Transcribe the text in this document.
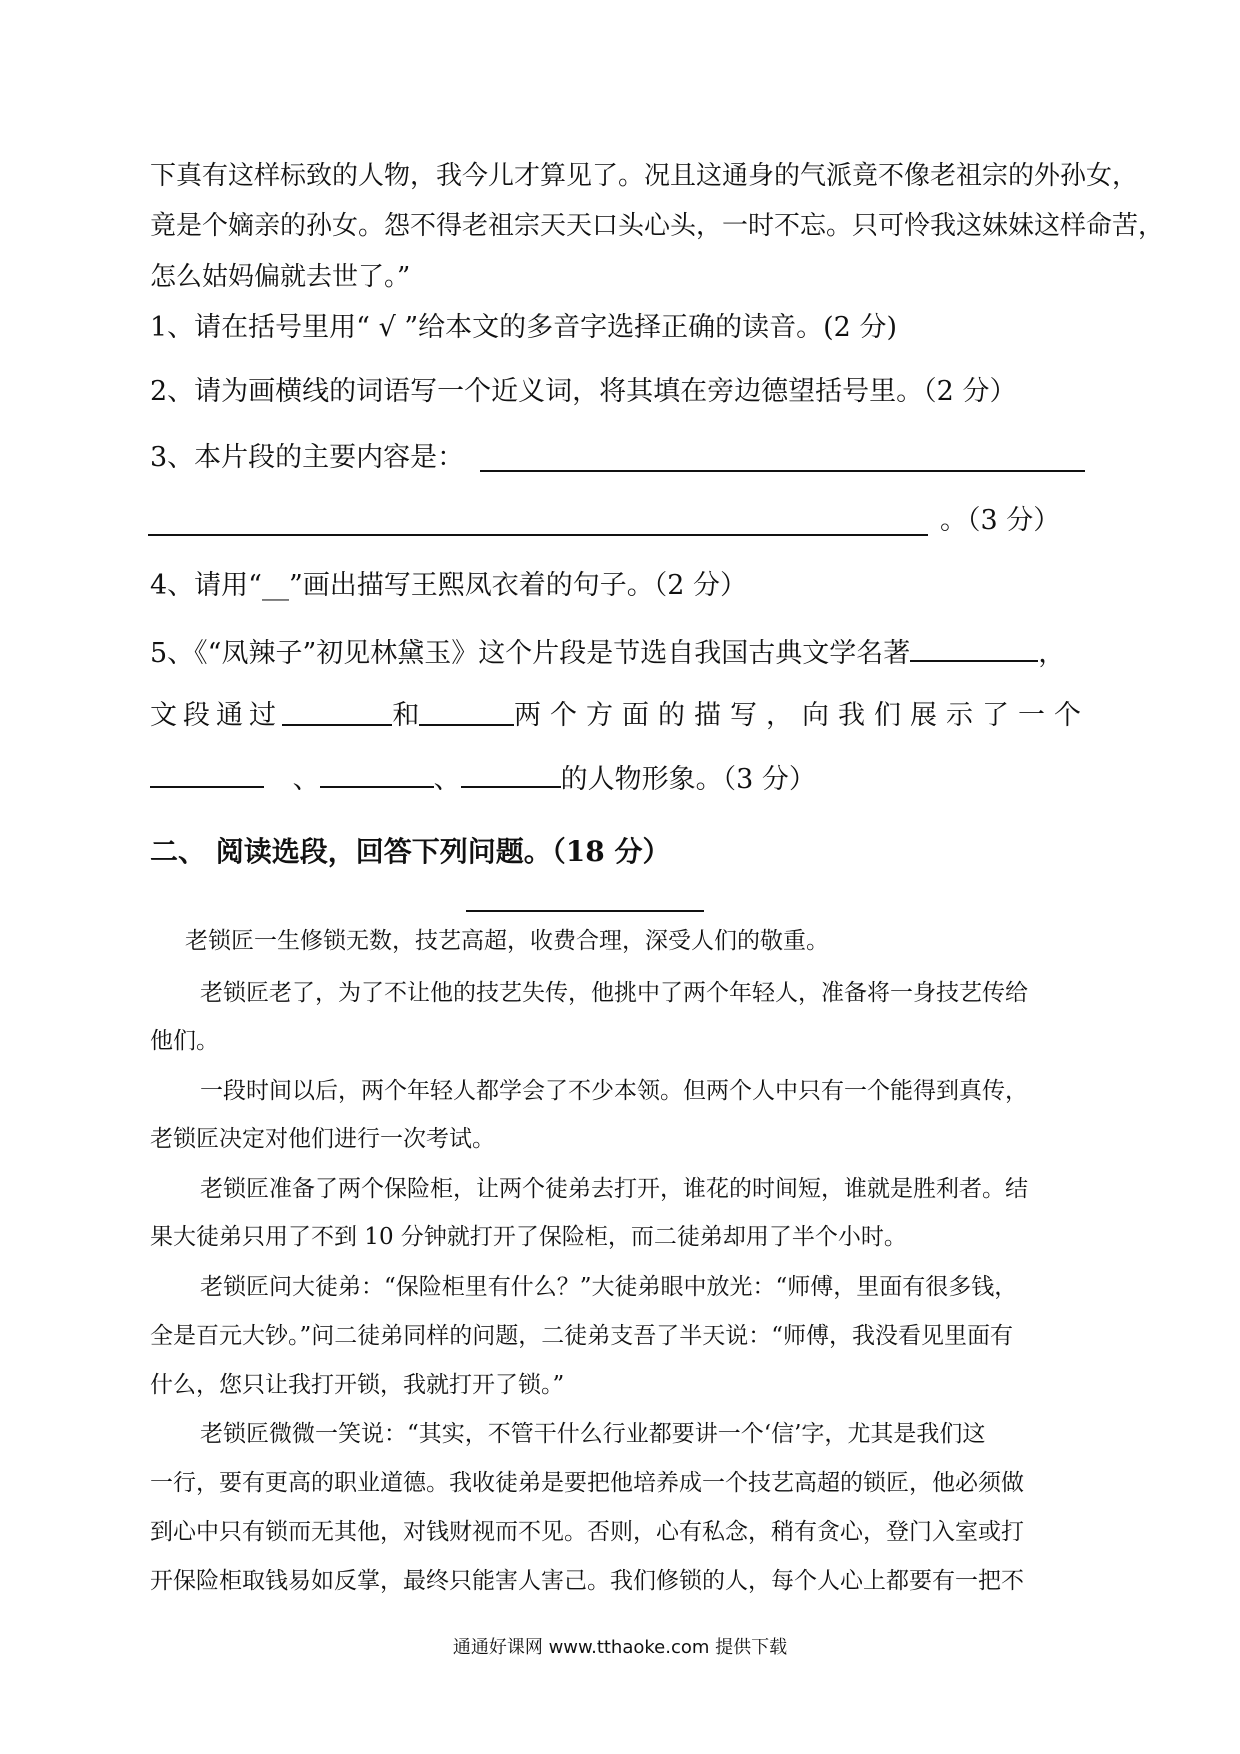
下真有这样标致的人物，我今儿才算见了。况且这通身的气派竟不像老祖宗的外孙女，
竟是个嫡亲的孙女。怨不得老祖宗天天口头心头，一时不忘。只可怜我这妹妹这样命苦，
怎么姑妈偏就去世了。”
1、请在括号里用“ √ ”给本文的多音字选择正确的读音。(2 分)
2、请为画横线的词语写一个近义词，将其填在旁边德望括号里。（2 分）
3、本片段的主要内容是：
。（3 分）
4、请用“__”画出描写王熙凤衣着的句子。（2 分）
5、《“凤辣子”初见林黛玉》这个片段是节选自我国古典文学名著	，
文段通过	和	两个方面的描写，向我们展示了一个
、	、	的人物形象。（3 分）
二、 阅读选段，回答下列问题。（18 分）
老锁匠一生修锁无数，技艺高超，收费合理，深受人们的敬重。
老锁匠老了，为了不让他的技艺失传，他挑中了两个年轻人，准备将一身技艺传给
他们。
一段时间以后，两个年轻人都学会了不少本领。但两个人中只有一个能得到真传，
老锁匠决定对他们进行一次考试。
老锁匠准备了两个保险柜，让两个徒弟去打开，谁花的时间短，谁就是胜利者。结
果大徒弟只用了不到 10 分钟就打开了保险柜，而二徒弟却用了半个小时。
老锁匠问大徒弟：“保险柜里有什么？”大徒弟眼中放光：“师傅，里面有很多钱，
全是百元大钞。”问二徒弟同样的问题，二徒弟支吾了半天说：“师傅，我没看见里面有
什么，您只让我打开锁，我就打开了锁。”
老锁匠微微一笑说：“其实，不管干什么行业都要讲一个‘信’字，尤其是我们这
一行，要有更高的职业道德。我收徒弟是要把他培养成一个技艺高超的锁匠，他必须做
到心中只有锁而无其他，对钱财视而不见。否则，心有私念，稍有贪心，登门入室或打
开保险柜取钱易如反掌，最终只能害人害己。我们修锁的人，每个人心上都要有一把不
通通好课网 www.tthaoke.com 提供下载
